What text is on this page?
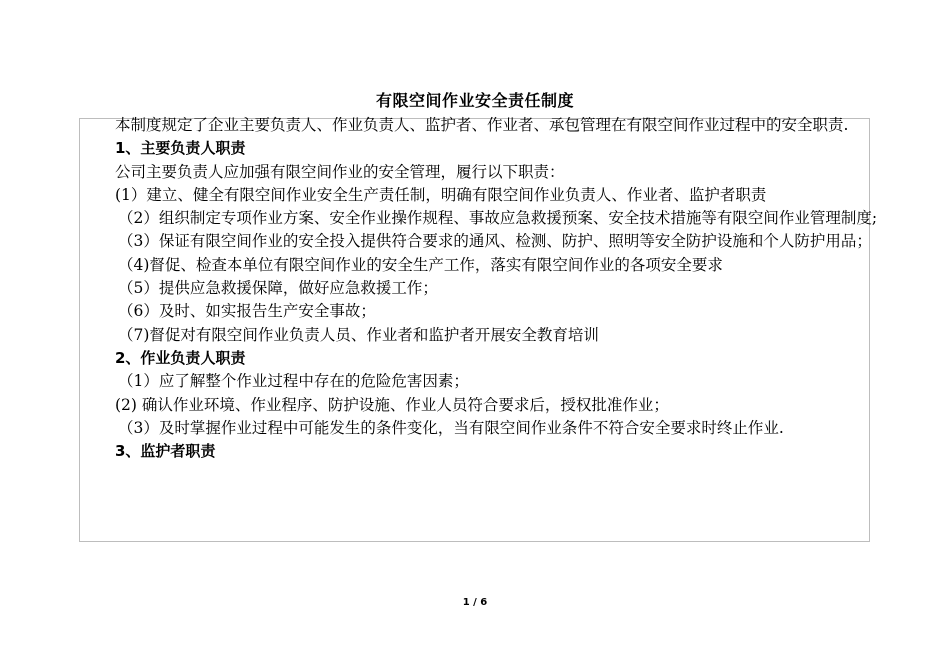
有限空间作业安全责任制度

本制度规定了企业主要负责人、作业负责人、监护者、作业者、承包管理在有限空间作业过程中的安全职责.

1、主要负责人职责

公司主要负责人应加强有限空间作业的安全管理，履行以下职责：

(1）建立、健全有限空间作业安全生产责任制，明确有限空间作业负责人、作业者、监护者职责

（2）组织制定专项作业方案、安全作业操作规程、事故应急救援预案、安全技术措施等有限空间作业管理制度;

（3）保证有限空间作业的安全投入提供符合要求的通风、检测、防护、照明等安全防护设施和个人防护用品；

（4)督促、检查本单位有限空间作业的安全生产工作，落实有限空间作业的各项安全要求

（5）提供应急救援保障，做好应急救援工作；

（6）及时、如实报告生产安全事故；

（7)督促对有限空间作业负责人员、作业者和监护者开展安全教育培训

2、作业负责人职责

（1）应了解整个作业过程中存在的危险危害因素；

(2) 确认作业环境、作业程序、防护设施、作业人员符合要求后，授权批准作业；

（3）及时掌握作业过程中可能发生的条件变化，当有限空间作业条件不符合安全要求时终止作业.

3、监护者职责

1 / 6
